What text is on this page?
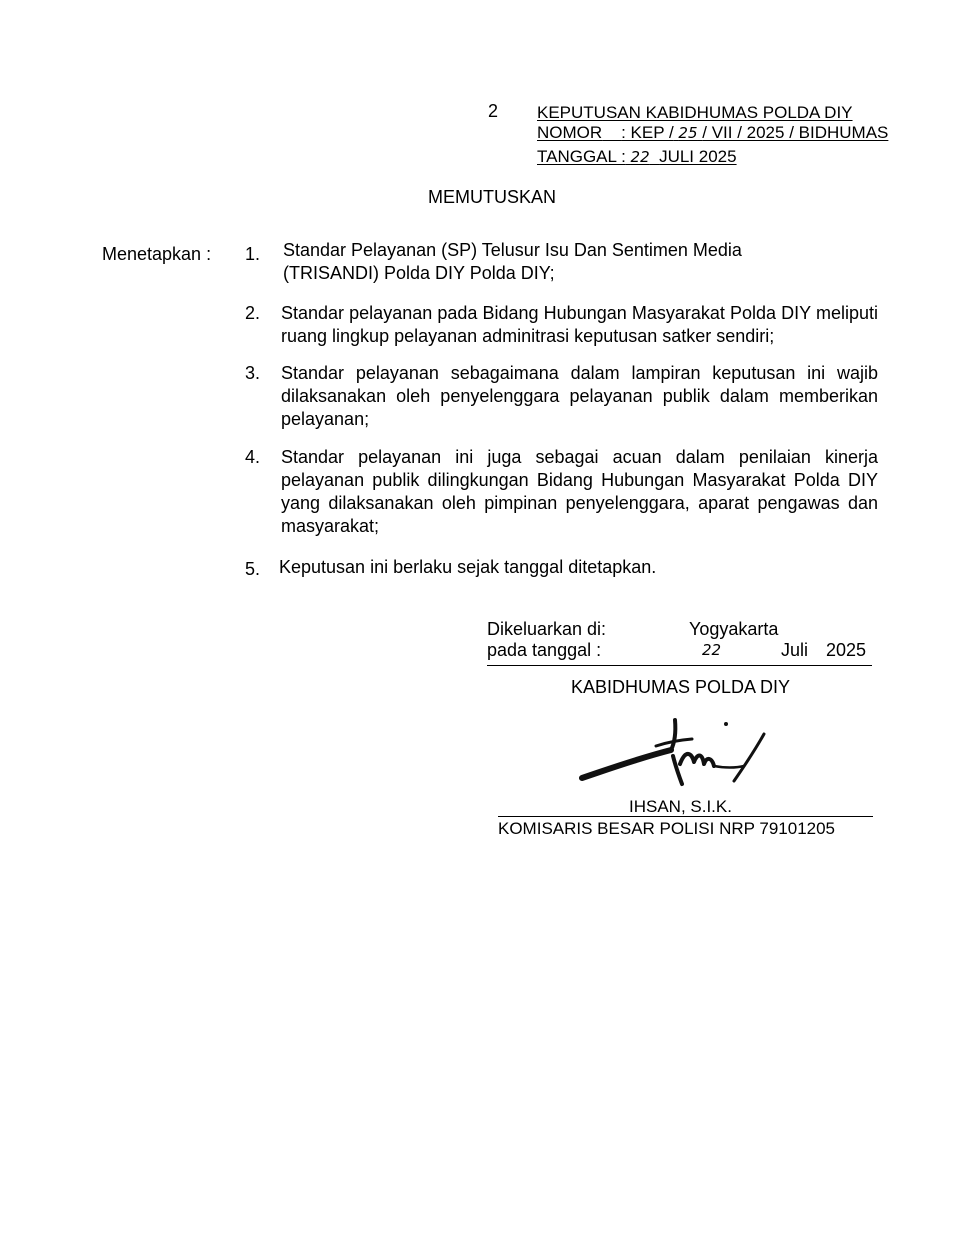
2 KEPUTUSAN KABIDHUMAS POLDA DIY
NOMOR : KEP / 25 / VII / 2025 / BIDHUMAS
TANGGAL : 22 JULI 2025
MEMUTUSKAN
Menetapkan : 1.	Standar Pelayanan (SP) Telusur Isu Dan Sentimen Media (TRISANDI) Polda DIY Polda DIY;
2.	Standar pelayanan pada Bidang Hubungan Masyarakat Polda DIY meliputi ruang lingkup pelayanan adminitrasi keputusan satker sendiri;
3.	Standar pelayanan sebagaimana dalam lampiran keputusan ini wajib dilaksanakan oleh penyelenggara pelayanan publik dalam memberikan pelayanan;
4.	Standar pelayanan ini juga sebagai acuan dalam penilaian kinerja pelayanan publik dilingkungan Bidang Hubungan Masyarakat Polda DIY yang dilaksanakan oleh pimpinan penyelenggara, aparat pengawas dan masyarakat;
5.	Keputusan ini berlaku sejak tanggal ditetapkan.
Dikeluarkan di:	Yogyakarta
pada tanggal :	22	Juli 2025
KABIDHUMAS POLDA DIY
IHSAN, S.I.K.
KOMISARIS BESAR POLISI NRP 79101205
